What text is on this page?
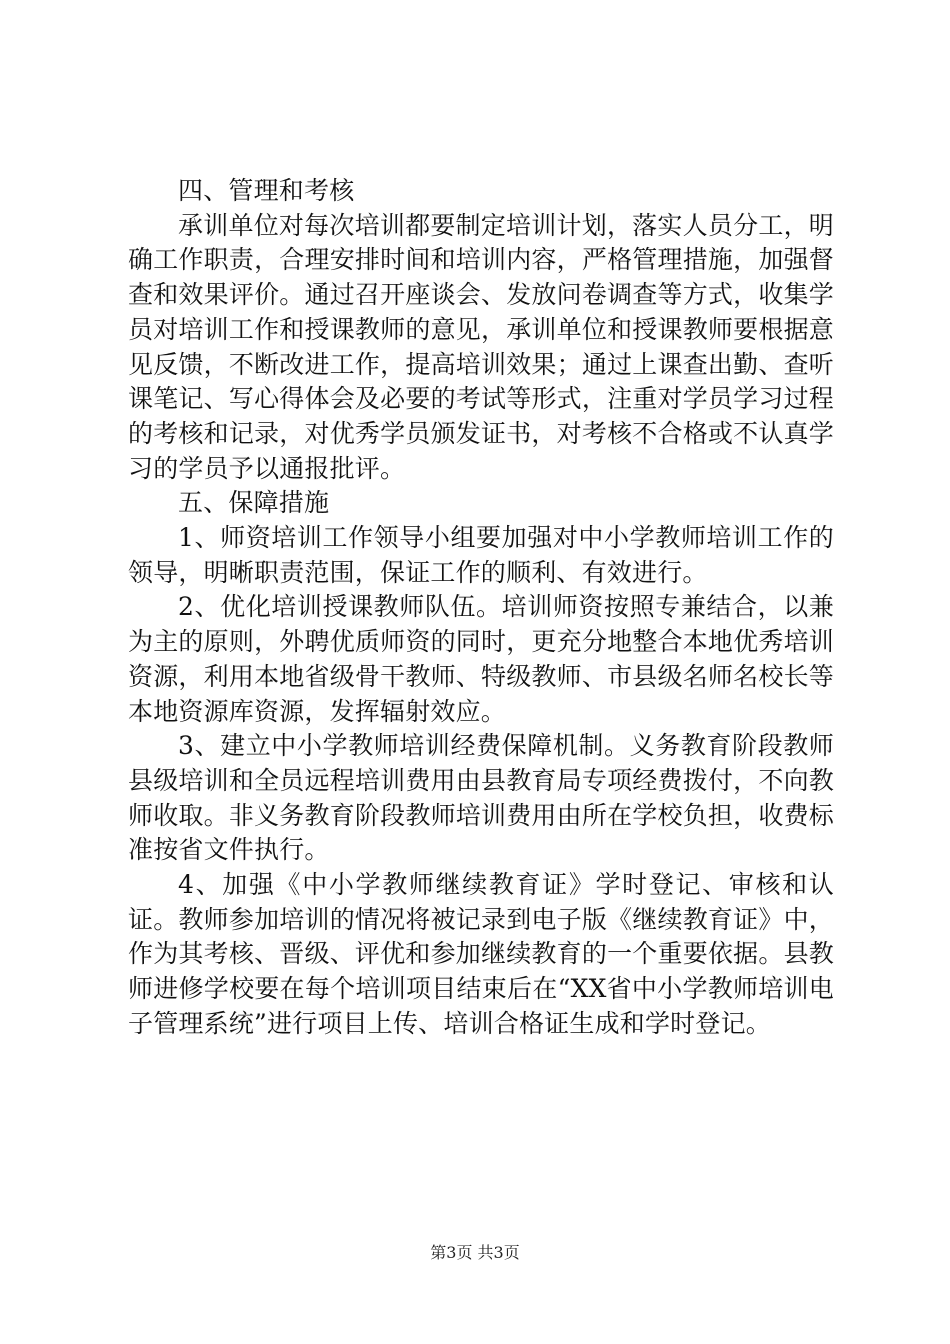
四、管理和考核

承训单位对每次培训都要制定培训计划，落实人员分工，明确工作职责，合理安排时间和培训内容，严格管理措施，加强督查和效果评价。通过召开座谈会、发放问卷调查等方式，收集学员对培训工作和授课教师的意见，承训单位和授课教师要根据意见反馈，不断改进工作，提高培训效果；通过上课查出勤、查听课笔记、写心得体会及必要的考试等形式，注重对学员学习过程的考核和记录，对优秀学员颁发证书，对考核不合格或不认真学习的学员予以通报批评。

五、保障措施

1、师资培训工作领导小组要加强对中小学教师培训工作的领导，明晰职责范围，保证工作的顺利、有效进行。

2、优化培训授课教师队伍。培训师资按照专兼结合，以兼为主的原则，外聘优质师资的同时，更充分地整合本地优秀培训资源，利用本地省级骨干教师、特级教师、市县级名师名校长等本地资源库资源，发挥辐射效应。

3、建立中小学教师培训经费保障机制。义务教育阶段教师县级培训和全员远程培训费用由县教育局专项经费拨付，不向教师收取。非义务教育阶段教师培训费用由所在学校负担，收费标准按省文件执行。

4、加强《中小学教师继续教育证》学时登记、审核和认证。教师参加培训的情况将被记录到电子版《继续教育证》中，作为其考核、晋级、评优和参加继续教育的一个重要依据。县教师进修学校要在每个培训项目结束后在“XX省中小学教师培训电子管理系统”进行项目上传、培训合格证生成和学时登记。

第3页 共3页
